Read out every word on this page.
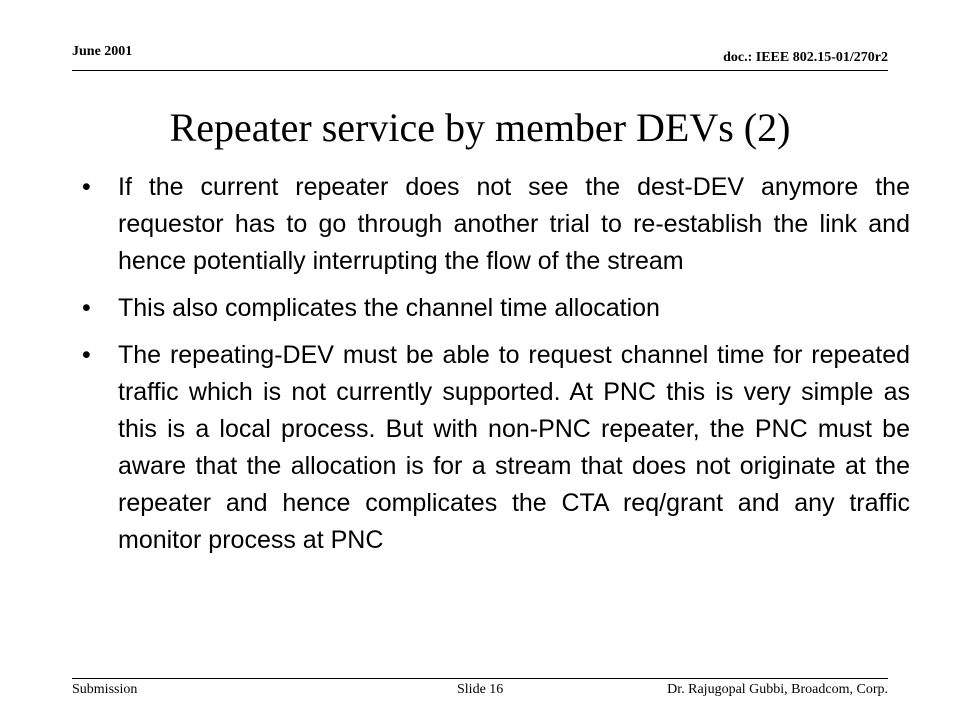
June 2001	doc.: IEEE 802.15-01/270r2
Repeater service by member DEVs (2)
• If the current repeater does not see the dest-DEV anymore the requestor has to go through another trial to re-establish the link and hence potentially interrupting the flow of the stream
• This also complicates the channel time allocation
• The repeating-DEV must be able to request channel time for repeated traffic which is not currently supported. At PNC this is very simple as this is a local process. But with non-PNC repeater, the PNC must be aware that the allocation is for a stream that does not originate at the repeater and hence complicates the CTA req/grant and any traffic monitor process at PNC
Submission	Slide 16	Dr. Rajugopal Gubbi, Broadcom, Corp.
